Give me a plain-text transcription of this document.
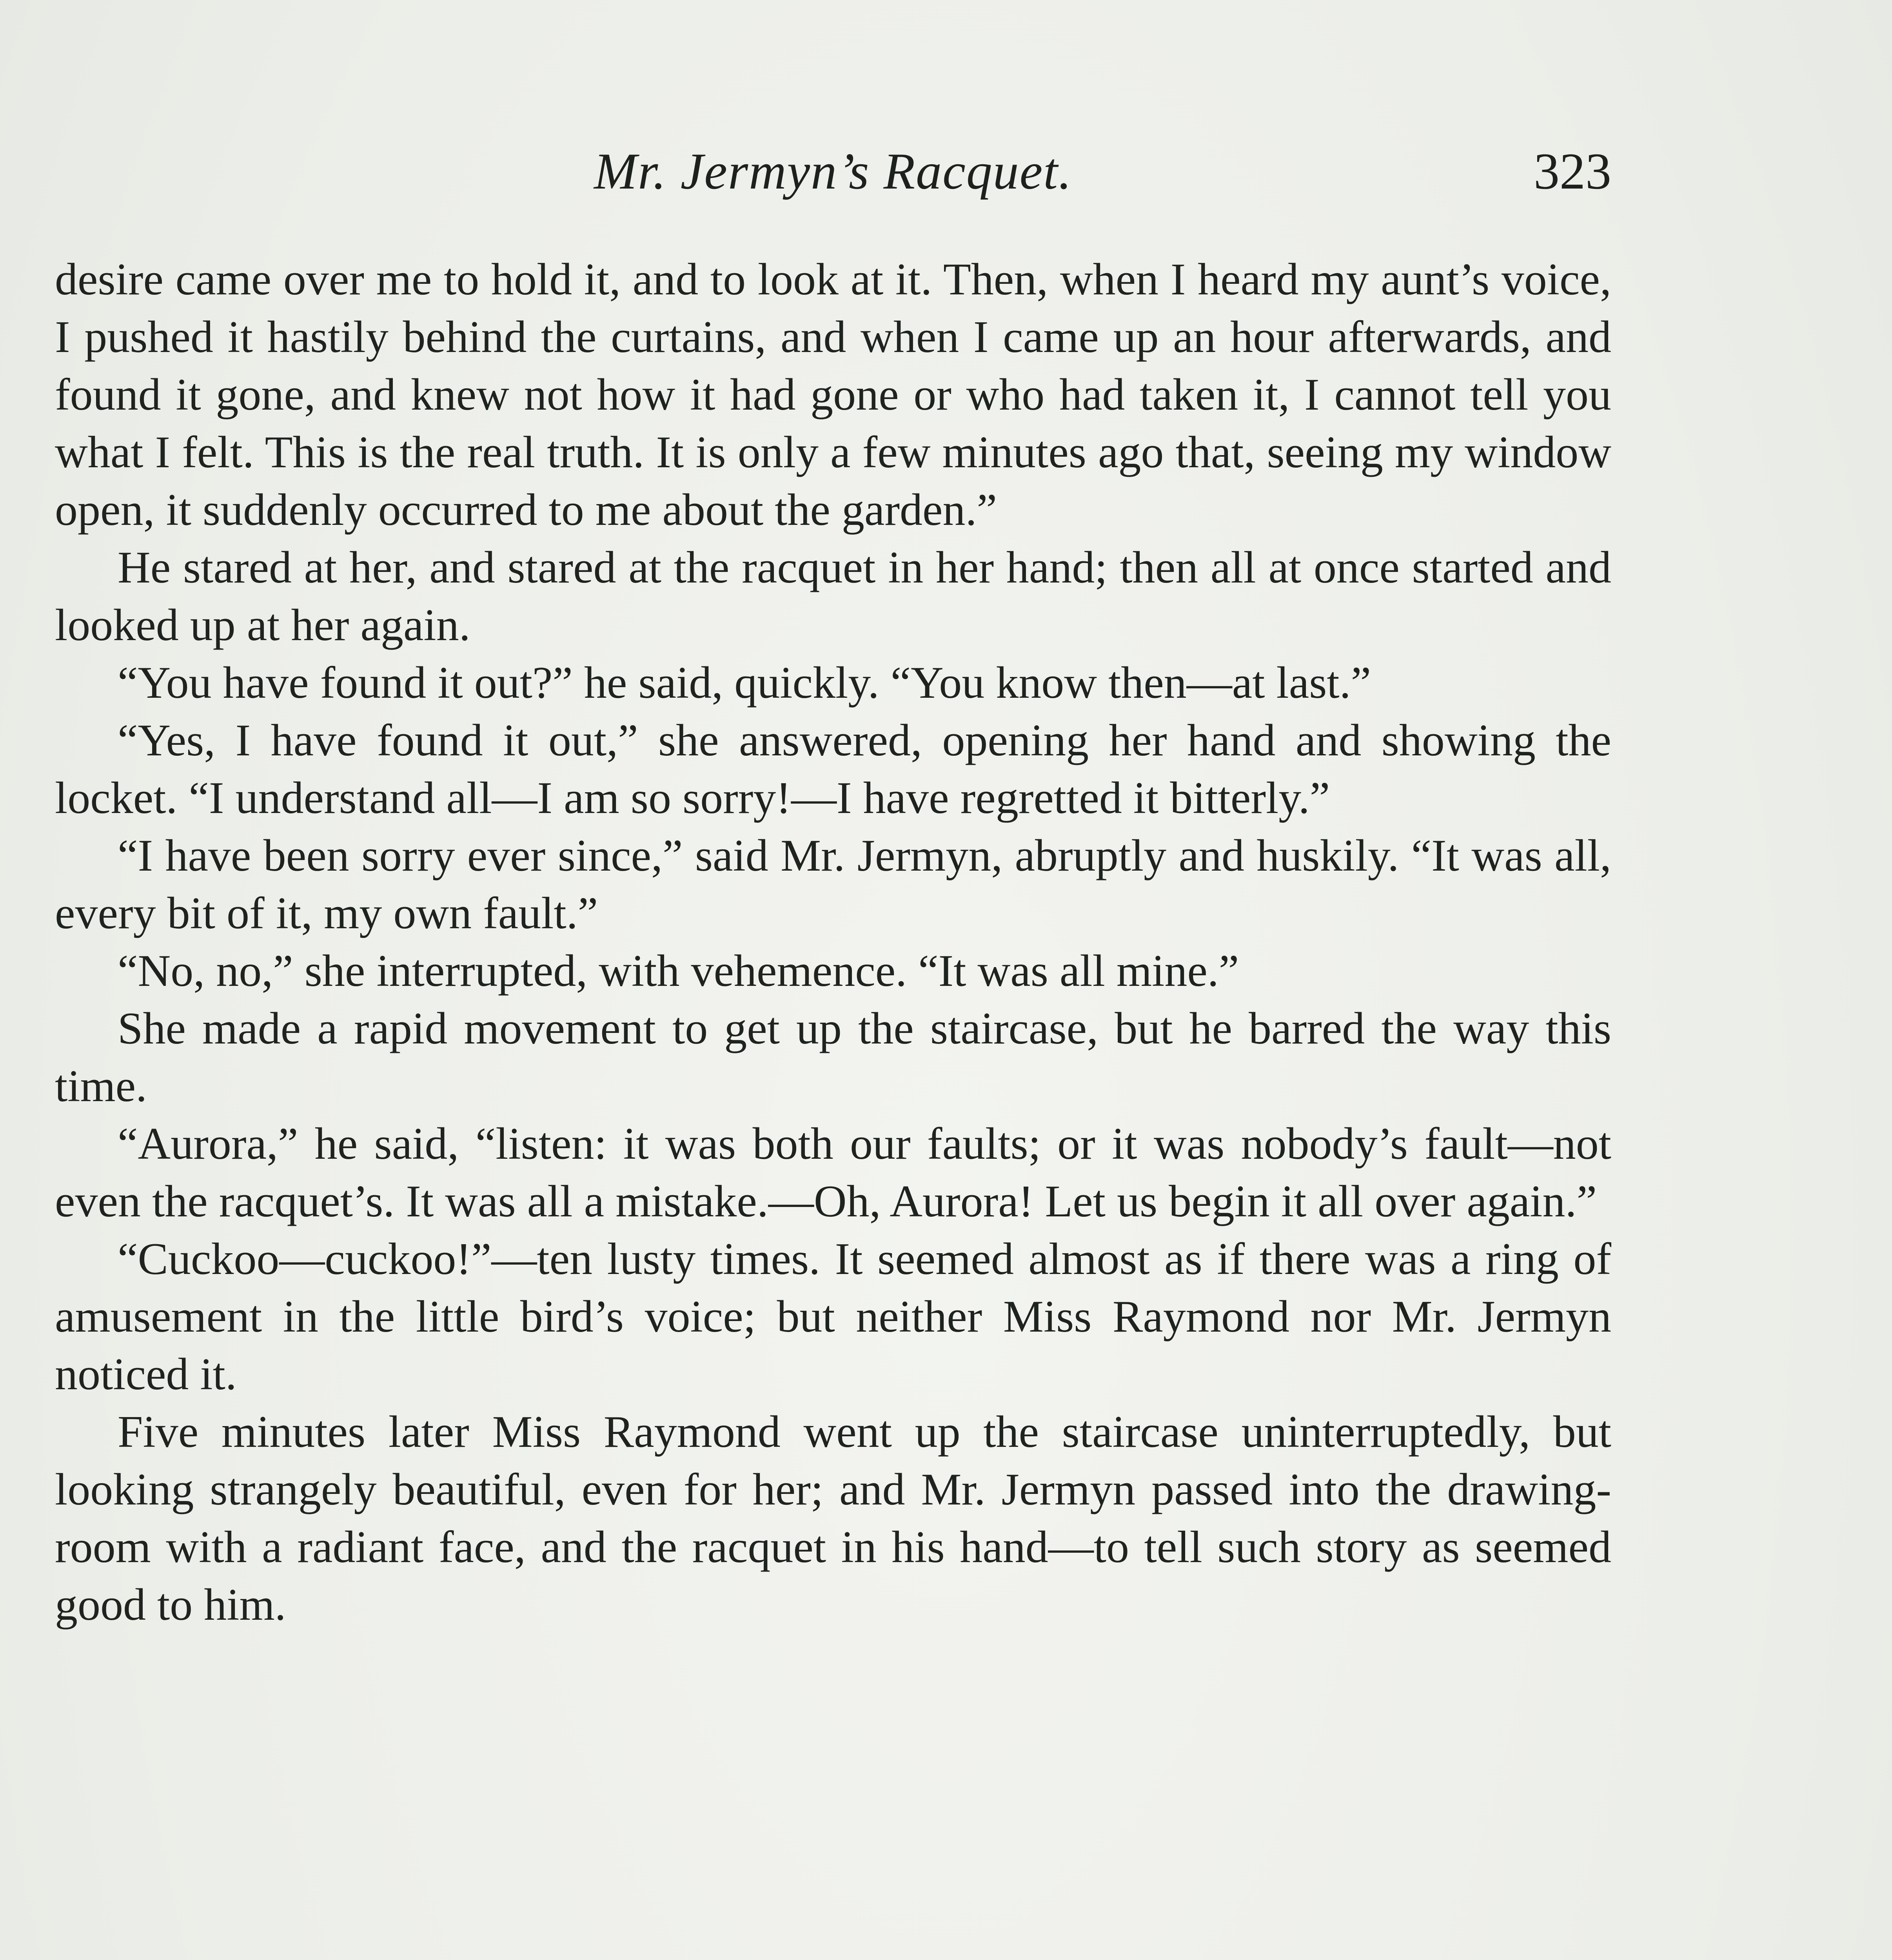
Mr. Jermyn’s Racquet.	323

desire came over me to hold it, and to look at it. Then, when I heard my aunt’s voice, I pushed it hastily behind the curtains, and when I came up an hour afterwards, and found it gone, and knew not how it had gone or who had taken it, I cannot tell you what I felt. This is the real truth. It is only a few minutes ago that, seeing my window open, it suddenly occurred to me about the garden.”

He stared at her, and stared at the racquet in her hand; then all at once started and looked up at her again.

“You have found it out?” he said, quickly. “You know then—at last.”

“Yes, I have found it out,” she answered, opening her hand and showing the locket. “I understand all—I am so sorry!—I have regretted it bitterly.”

“I have been sorry ever since,” said Mr. Jermyn, abruptly and huskily. “It was all, every bit of it, my own fault.”

“No, no,” she interrupted, with vehemence. “It was all mine.”

She made a rapid movement to get up the staircase, but he barred the way this time.

“Aurora,” he said, “listen: it was both our faults; or it was nobody’s fault—not even the racquet’s. It was all a mistake.—Oh, Aurora! Let us begin it all over again.”

“Cuckoo—cuckoo!”—ten lusty times. It seemed almost as if there was a ring of amusement in the little bird’s voice; but neither Miss Raymond nor Mr. Jermyn noticed it.

Five minutes later Miss Raymond went up the staircase uninterruptedly, but looking strangely beautiful, even for her; and Mr. Jermyn passed into the drawing-room with a radiant face, and the racquet in his hand—to tell such story as seemed good to him.
